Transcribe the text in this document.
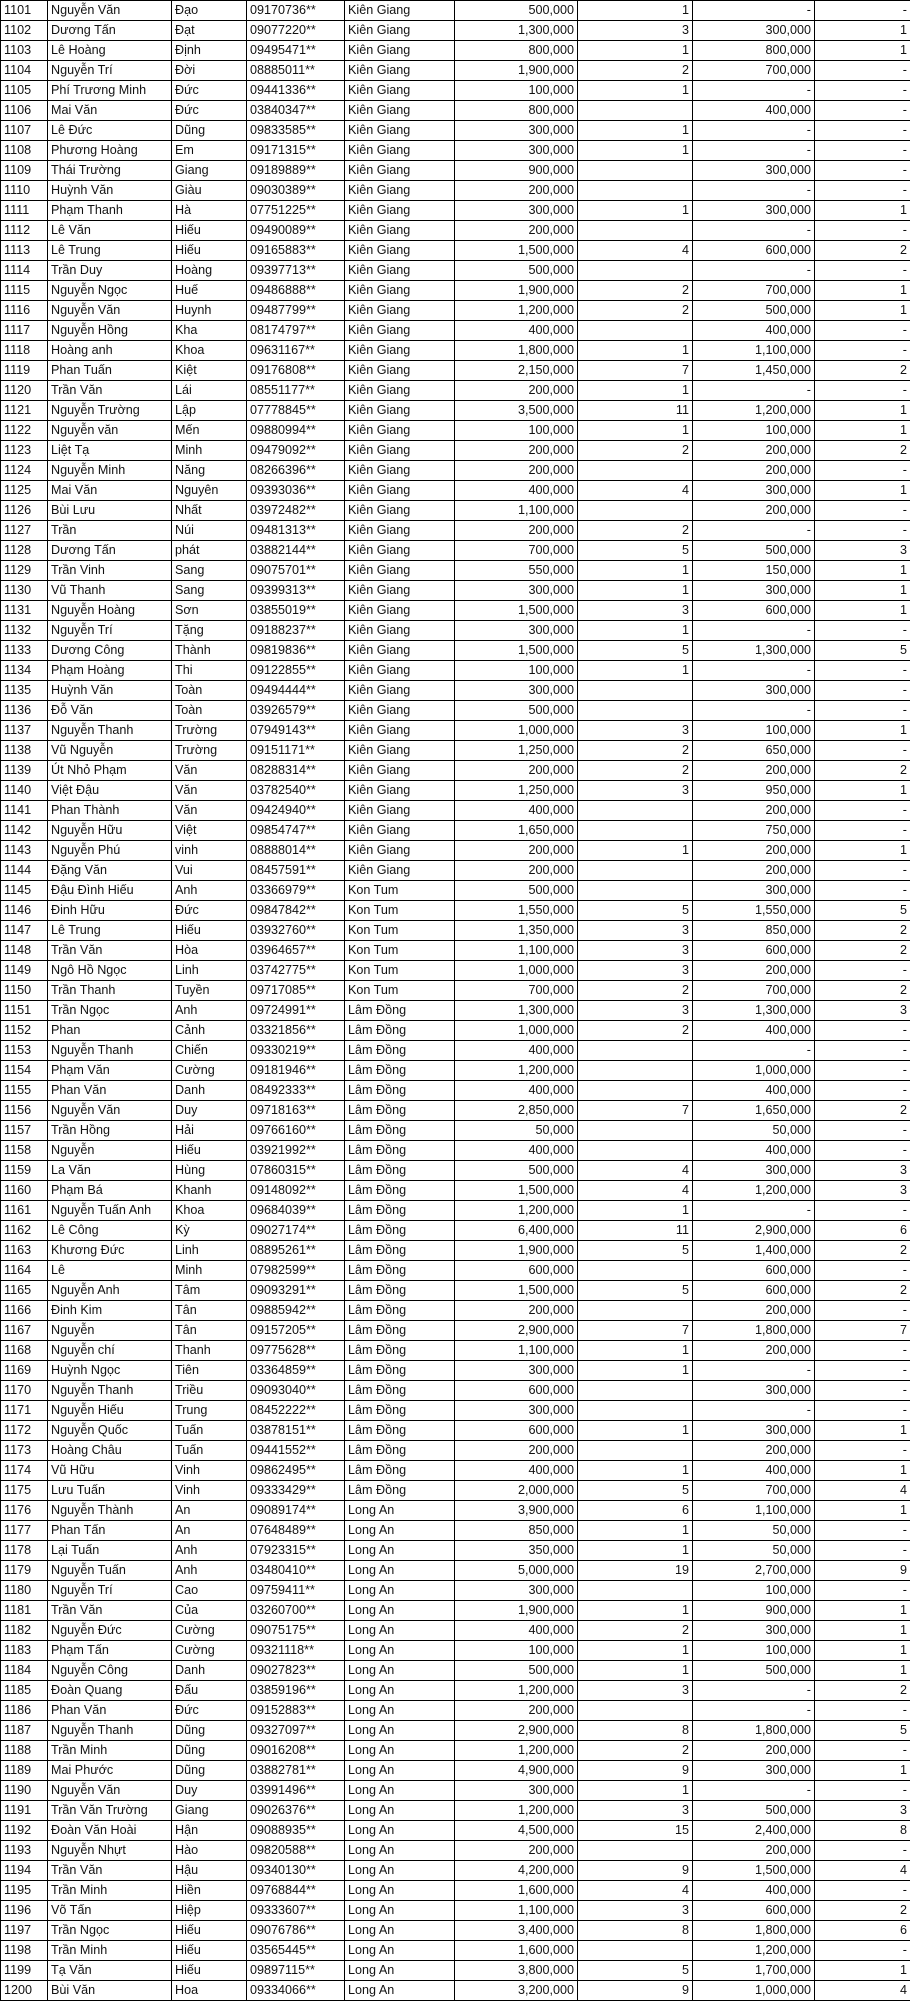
1101	Nguyễn Văn	Đạo	09170736**	Kiên Giang	500,000	1	-	-
1102	Dương Tấn	Đạt	09077220**	Kiên Giang	1,300,000	3	300,000	1
1103	Lê Hoàng	Định	09495471**	Kiên Giang	800,000	1	800,000	1
1104	Nguyễn Trí	Đời	08885011**	Kiên Giang	1,900,000	2	700,000	-
1105	Phí Trương Minh	Đức	09441336**	Kiên Giang	100,000	1	-	-
1106	Mai Văn	Đức	03840347**	Kiên Giang	800,000		400,000	-
1107	Lê Đức	Dũng	09833585**	Kiên Giang	300,000	1	-	-
1108	Phương Hoàng	Em	09171315**	Kiên Giang	300,000	1	-	-
1109	Thái Trường	Giang	09189889**	Kiên Giang	900,000		300,000	-
1110	Huỳnh Văn	Giàu	09030389**	Kiên Giang	200,000		-	-
1111	Phạm Thanh	Hà	07751225**	Kiên Giang	300,000	1	300,000	1
1112	Lê Văn	Hiếu	09490089**	Kiên Giang	200,000		-	-
1113	Lê Trung	Hiếu	09165883**	Kiên Giang	1,500,000	4	600,000	2
1114	Trần Duy	Hoàng	09397713**	Kiên Giang	500,000		-	-
1115	Nguyễn Ngọc	Huế	09486888**	Kiên Giang	1,900,000	2	700,000	1
1116	Nguyễn Văn	Huynh	09487799**	Kiên Giang	1,200,000	2	500,000	1
1117	Nguyễn Hồng	Kha	08174797**	Kiên Giang	400,000		400,000	-
1118	Hoàng anh	Khoa	09631167**	Kiên Giang	1,800,000	1	1,100,000	-
1119	Phan Tuấn	Kiệt	09176808**	Kiên Giang	2,150,000	7	1,450,000	2
1120	Trần Văn	Lái	08551177**	Kiên Giang	200,000	1	-	-
1121	Nguyễn Trường	Lập	07778845**	Kiên Giang	3,500,000	11	1,200,000	1
1122	Nguyễn văn	Mến	09880994**	Kiên Giang	100,000	1	100,000	1
1123	Liệt Tạ	Minh	09479092**	Kiên Giang	200,000	2	200,000	2
1124	Nguyễn Minh	Năng	08266396**	Kiên Giang	200,000		200,000	-
1125	Mai Văn	Nguyên	09393036**	Kiên Giang	400,000	4	300,000	1
1126	Bùi Lưu	Nhất	03972482**	Kiên Giang	1,100,000		200,000	-
1127	Trần	Núi	09481313**	Kiên Giang	200,000	2	-	-
1128	Dương Tấn	phát	03882144**	Kiên Giang	700,000	5	500,000	3
1129	Trần Vinh	Sang	09075701**	Kiên Giang	550,000	1	150,000	1
1130	Vũ Thanh	Sang	09399313**	Kiên Giang	300,000	1	300,000	1
1131	Nguyễn Hoàng	Sơn	03855019**	Kiên Giang	1,500,000	3	600,000	1
1132	Nguyễn Trí	Tặng	09188237**	Kiên Giang	300,000	1	-	-
1133	Dương Công	Thành	09819836**	Kiên Giang	1,500,000	5	1,300,000	5
1134	Phạm Hoàng	Thi	09122855**	Kiên Giang	100,000	1	-	-
1135	Huỳnh Văn	Toàn	09494444**	Kiên Giang	300,000		300,000	-
1136	Đỗ Văn	Toàn	03926579**	Kiên Giang	500,000		-	-
1137	Nguyễn Thanh	Trường	07949143**	Kiên Giang	1,000,000	3	100,000	1
1138	Vũ Nguyễn	Trường	09151171**	Kiên Giang	1,250,000	2	650,000	-
1139	Út Nhỏ Phạm	Văn	08288314**	Kiên Giang	200,000	2	200,000	2
1140	Việt Đậu	Văn	03782540**	Kiên Giang	1,250,000	3	950,000	1
1141	Phan Thành	Văn	09424940**	Kiên Giang	400,000		200,000	-
1142	Nguyễn Hữu	Việt	09854747**	Kiên Giang	1,650,000		750,000	-
1143	Nguyễn Phú	vinh	08888014**	Kiên Giang	200,000	1	200,000	1
1144	Đặng Văn	Vui	08457591**	Kiên Giang	200,000		200,000	-
1145	Đậu Đình Hiếu	Anh	03366979**	Kon Tum	500,000		300,000	-
1146	Đinh Hữu	Đức	09847842**	Kon Tum	1,550,000	5	1,550,000	5
1147	Lê Trung	Hiếu	03932760**	Kon Tum	1,350,000	3	850,000	2
1148	Trần Văn	Hòa	03964657**	Kon Tum	1,100,000	3	600,000	2
1149	Ngô Hồ Ngọc	Linh	03742775**	Kon Tum	1,000,000	3	200,000	-
1150	Trần Thanh	Tuyền	09717085**	Kon Tum	700,000	2	700,000	2
1151	Trần Ngọc	Anh	09724991**	Lâm Đồng	1,300,000	3	1,300,000	3
1152	Phan	Cảnh	03321856**	Lâm Đồng	1,000,000	2	400,000	-
1153	Nguyễn Thanh	Chiến	09330219**	Lâm Đồng	400,000		-	-
1154	Phạm Văn	Cường	09181946**	Lâm Đồng	1,200,000		1,000,000	-
1155	Phan Văn	Danh	08492333**	Lâm Đồng	400,000		400,000	-
1156	Nguyễn Văn	Duy	09718163**	Lâm Đồng	2,850,000	7	1,650,000	2
1157	Trần Hồng	Hải	09766160**	Lâm Đồng	50,000		50,000	-
1158	Nguyễn	Hiếu	03921992**	Lâm Đồng	400,000		400,000	-
1159	La Văn	Hùng	07860315**	Lâm Đồng	500,000	4	300,000	3
1160	Phạm Bá	Khanh	09148092**	Lâm Đồng	1,500,000	4	1,200,000	3
1161	Nguyễn Tuấn Anh	Khoa	09684039**	Lâm Đồng	1,200,000	1	-	-
1162	Lê Công	Kỳ	09027174**	Lâm Đồng	6,400,000	11	2,900,000	6
1163	Khương Đức	Linh	08895261**	Lâm Đồng	1,900,000	5	1,400,000	2
1164	Lê	Minh	07982599**	Lâm Đồng	600,000		600,000	-
1165	Nguyễn Anh	Tâm	09093291**	Lâm Đồng	1,500,000	5	600,000	2
1166	Đinh Kim	Tân	09885942**	Lâm Đồng	200,000		200,000	-
1167	Nguyễn	Tân	09157205**	Lâm Đồng	2,900,000	7	1,800,000	7
1168	Nguyễn chí	Thanh	09775628**	Lâm Đồng	1,100,000	1	200,000	-
1169	Huỳnh Ngọc	Tiên	03364859**	Lâm Đồng	300,000	1	-	-
1170	Nguyễn Thanh	Triều	09093040**	Lâm Đồng	600,000		300,000	-
1171	Nguyễn Hiếu	Trung	08452222**	Lâm Đồng	300,000		-	-
1172	Nguyễn Quốc	Tuấn	03878151**	Lâm Đồng	600,000	1	300,000	1
1173	Hoàng Châu	Tuấn	09441552**	Lâm Đồng	200,000		200,000	-
1174	Vũ Hữu	Vinh	09862495**	Lâm Đồng	400,000	1	400,000	1
1175	Lưu Tuấn	Vinh	09333429**	Lâm Đồng	2,000,000	5	700,000	4
1176	Nguyễn Thành	An	09089174**	Long An	3,900,000	6	1,100,000	1
1177	Phan Tấn	An	07648489**	Long An	850,000	1	50,000	-
1178	Lại Tuấn	Anh	07923315**	Long An	350,000	1	50,000	-
1179	Nguyễn Tuấn	Anh	03480410**	Long An	5,000,000	19	2,700,000	9
1180	Nguyễn Trí	Cao	09759411**	Long An	300,000		100,000	-
1181	Trần Văn	Của	03260700**	Long An	1,900,000	1	900,000	1
1182	Nguyễn Đức	Cường	09075175**	Long An	400,000	2	300,000	1
1183	Phạm Tấn	Cường	09321118**	Long An	100,000	1	100,000	1
1184	Nguyễn Công	Danh	09027823**	Long An	500,000	1	500,000	1
1185	Đoàn Quang	Đấu	03859196**	Long An	1,200,000	3	-	2
1186	Phan Văn	Đức	09152883**	Long An	200,000		-	-
1187	Nguyễn Thanh	Dũng	09327097**	Long An	2,900,000	8	1,800,000	5
1188	Trần Minh	Dũng	09016208**	Long An	1,200,000	2	200,000	-
1189	Mai Phước	Dũng	03882781**	Long An	4,900,000	9	300,000	1
1190	Nguyễn Văn	Duy	03991496**	Long An	300,000	1	-	-
1191	Trần Văn Trường	Giang	09026376**	Long An	1,200,000	3	500,000	3
1192	Đoàn Văn Hoài	Hận	09088935**	Long An	4,500,000	15	2,400,000	8
1193	Nguyễn Nhựt	Hào	09820588**	Long An	200,000		200,000	-
1194	Trần Văn	Hậu	09340130**	Long An	4,200,000	9	1,500,000	4
1195	Trần Minh	Hiền	09768844**	Long An	1,600,000	4	400,000	-
1196	Võ Tấn	Hiệp	09333607**	Long An	1,100,000	3	600,000	2
1197	Trần Ngọc	Hiếu	09076786**	Long An	3,400,000	8	1,800,000	6
1198	Trần Minh	Hiếu	03565445**	Long An	1,600,000		1,200,000	-
1199	Tạ Văn	Hiếu	09897115**	Long An	3,800,000	5	1,700,000	1
1200	Bùi Văn	Hoa	09334066**	Long An	3,200,000	9	1,000,000	4
